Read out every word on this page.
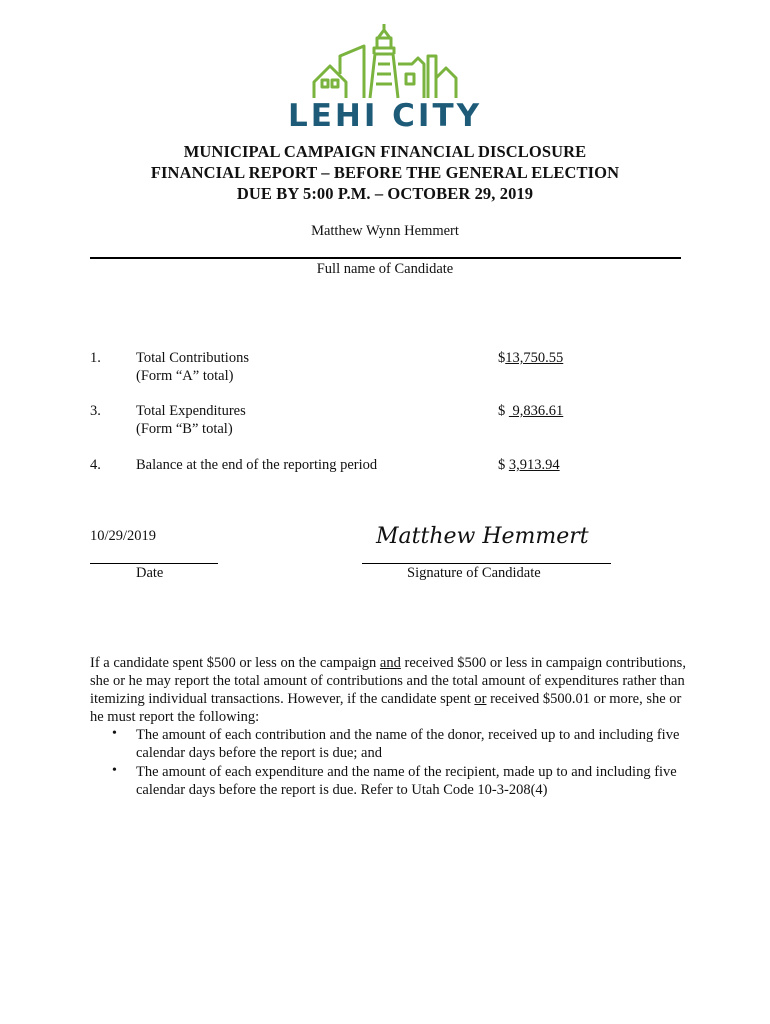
LEHI CITY
MUNICIPAL CAMPAIGN FINANCIAL DISCLOSURE
FINANCIAL REPORT – BEFORE THE GENERAL ELECTION
DUE BY 5:00 P.M. – OCTOBER 29, 2019
Matthew Wynn Hemmert
Full name of Candidate
1. Total Contributions
(Form “A” total)
$13,750.55
3. Total Expenditures
(Form “B” total)
$  9,836.61
4. Balance at the end of the reporting period	$ 3,913.94
10/29/2019
Date
Matthew Hemmert
Signature of Candidate
If a candidate spent $500 or less on the campaign and received $500 or less in campaign contributions, she or he may report the total amount of contributions and the total amount of expenditures rather than itemizing individual transactions. However, if the candidate spent or received $500.01 or more, she or he must report the following:
• The amount of each contribution and the name of the donor, received up to and including five calendar days before the report is due; and
• The amount of each expenditure and the name of the recipient, made up to and including five calendar days before the report is due. Refer to Utah Code 10-3-208(4)
